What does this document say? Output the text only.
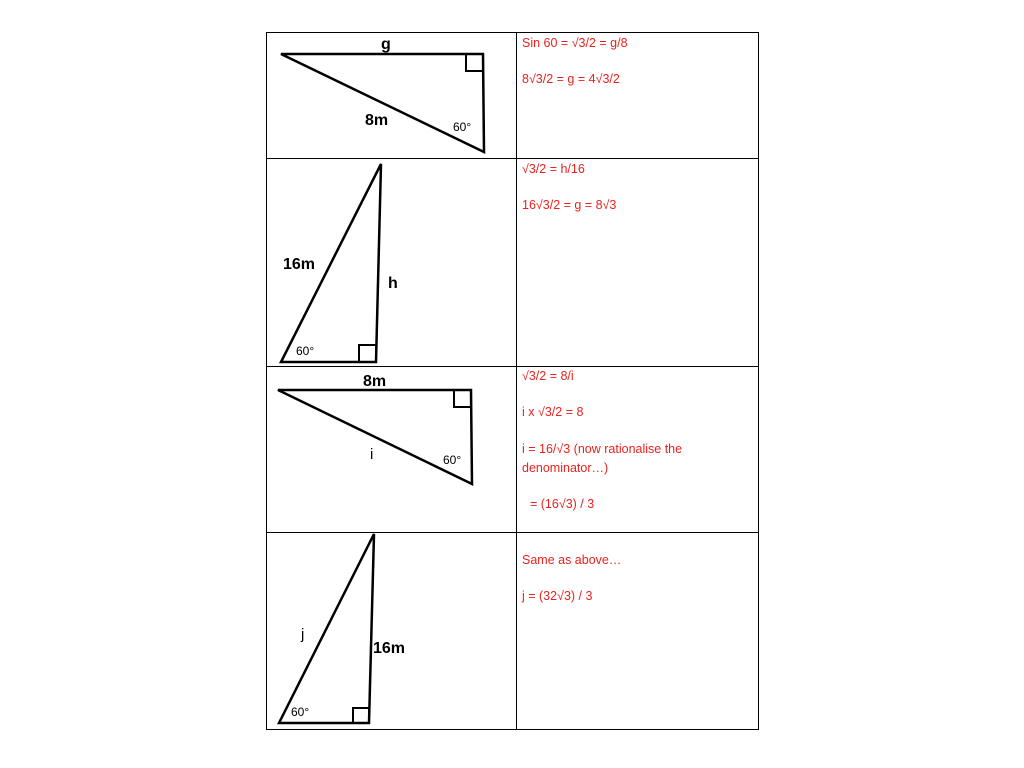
g
8m	60°
16m
h
60°
8m
i	60°
j
16m
60°
Sin 60 = √3/2 = g/8
8√3/2 = g = 4√3/2
√3/2 = h/16
16√3/2 = g = 8√3
√3/2 = 8/i
i x √3/2 = 8
i = 16/√3 (now rationalise the
denominator…)
= (16√3) / 3
Same as above…
j = (32√3) / 3
